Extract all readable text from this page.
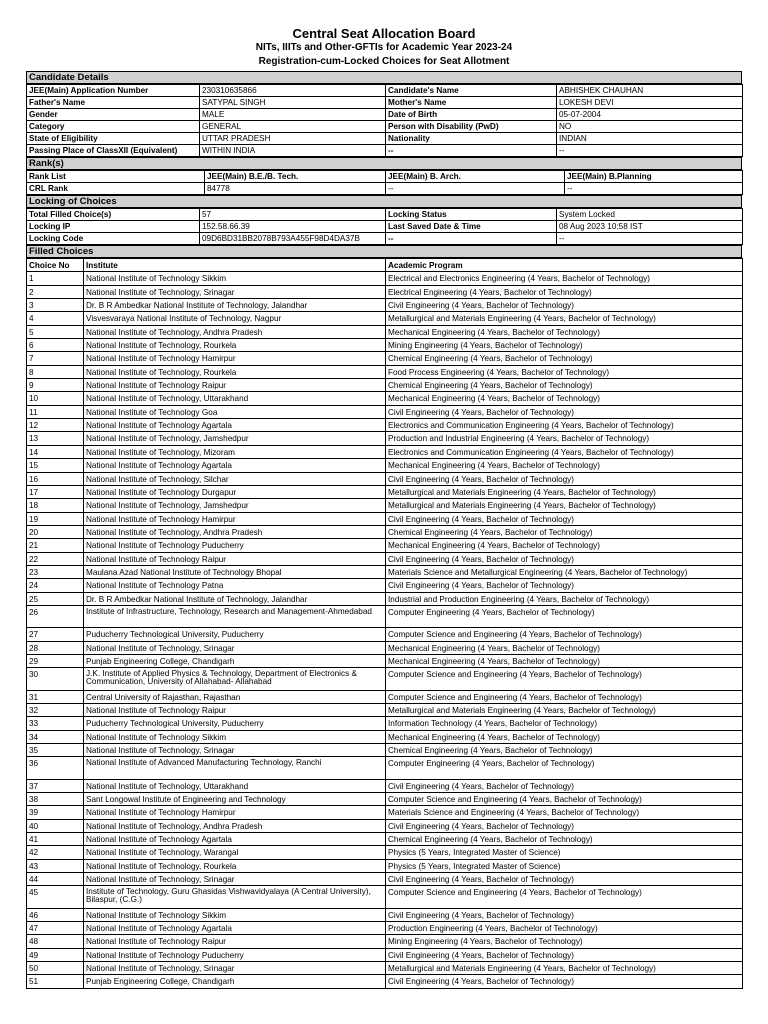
Central Seat Allocation Board
NITs, IIITs and Other-GFTIs for Academic Year 2023-24
Registration-cum-Locked Choices for Seat Allotment
Candidate Details
JEE(Main) Application Number	230310635866	Candidate's Name	ABHISHEK CHAUHAN
Father's Name	SATYPAL SINGH	Mother's Name	LOKESH DEVI
Gender	MALE	Date of Birth	05-07-2004
Category	GENERAL	Person with Disability (PwD)	NO
State of Eligibility	UTTAR PRADESH	Nationality	INDIAN
Passing Place of ClassXII (Equivalent)	WITHIN INDIA	--	--
Rank(s)
Rank List	JEE(Main) B.E./B. Tech.	JEE(Main) B. Arch.	JEE(Main) B.Planning
CRL Rank	84778	--	--
Locking of Choices
Total Filled Choice(s)	57	Locking Status	System Locked
Locking IP	152.58.66.39	Last Saved Date & Time	08 Aug 2023 10:58 IST
Locking Code	09D6BD31BB2078B793A455F98D4DA37B	--	--
Filled Choices
Choice No	Institute	Academic Program
1	National Institute of Technology Sikkim	Electrical and Electronics Engineering (4 Years, Bachelor of Technology)
2	National Institute of Technology, Srinagar	Electrical Engineering (4 Years, Bachelor of Technology)
3	Dr. B R Ambedkar National Institute of Technology, Jalandhar	Civil Engineering (4 Years, Bachelor of Technology)
4	Visvesvaraya National Institute of Technology, Nagpur	Metallurgical and Materials Engineering (4 Years, Bachelor of Technology)
5	National Institute of Technology, Andhra Pradesh	Mechanical Engineering (4 Years, Bachelor of Technology)
6	National Institute of Technology, Rourkela	Mining Engineering (4 Years, Bachelor of Technology)
7	National Institute of Technology Hamirpur	Chemical Engineering (4 Years, Bachelor of Technology)
8	National Institute of Technology, Rourkela	Food Process Engineering (4 Years, Bachelor of Technology)
9	National Institute of Technology Raipur	Chemical Engineering (4 Years, Bachelor of Technology)
10	National Institute of Technology, Uttarakhand	Mechanical Engineering (4 Years, Bachelor of Technology)
11	National Institute of Technology Goa	Civil Engineering (4 Years, Bachelor of Technology)
12	National Institute of Technology Agartala	Electronics and Communication Engineering (4 Years, Bachelor of Technology)
13	National Institute of Technology, Jamshedpur	Production and Industrial Engineering (4 Years, Bachelor of Technology)
14	National Institute of Technology, Mizoram	Electronics and Communication Engineering (4 Years, Bachelor of Technology)
15	National Institute of Technology Agartala	Mechanical Engineering (4 Years, Bachelor of Technology)
16	National Institute of Technology, Silchar	Civil Engineering (4 Years, Bachelor of Technology)
17	National Institute of Technology Durgapur	Metallurgical and Materials Engineering (4 Years, Bachelor of Technology)
18	National Institute of Technology, Jamshedpur	Metallurgical and Materials Engineering (4 Years, Bachelor of Technology)
19	National Institute of Technology Hamirpur	Civil Engineering (4 Years, Bachelor of Technology)
20	National Institute of Technology, Andhra Pradesh	Chemical Engineering (4 Years, Bachelor of Technology)
21	National Institute of Technology Puducherry	Mechanical Engineering (4 Years, Bachelor of Technology)
22	National Institute of Technology Raipur	Civil Engineering (4 Years, Bachelor of Technology)
23	Maulana Azad National Institute of Technology Bhopal	Materials Science and Metallurgical Engineering (4 Years, Bachelor of Technology)
24	National Institute of Technology Patna	Civil Engineering (4 Years, Bachelor of Technology)
25	Dr. B R Ambedkar National Institute of Technology, Jalandhar	Industrial and Production Engineering (4 Years, Bachelor of Technology)
26	Institute of Infrastructure, Technology, Research and Management-Ahmedabad	Computer Engineering (4 Years, Bachelor of Technology)
27	Puducherry Technological University, Puducherry	Computer Science and Engineering (4 Years, Bachelor of Technology)
28	National Institute of Technology, Srinagar	Mechanical Engineering (4 Years, Bachelor of Technology)
29	Punjab Engineering College, Chandigarh	Mechanical Engineering (4 Years, Bachelor of Technology)
30	J.K. Institute of Applied Physics & Technology, Department of Electronics & Communication, University of Allahabad- Allahabad	Computer Science and Engineering (4 Years, Bachelor of Technology)
31	Central University of Rajasthan, Rajasthan	Computer Science and Engineering (4 Years, Bachelor of Technology)
32	National Institute of Technology Raipur	Metallurgical and Materials Engineering (4 Years, Bachelor of Technology)
33	Puducherry Technological University, Puducherry	Information Technology (4 Years, Bachelor of Technology)
34	National Institute of Technology Sikkim	Mechanical Engineering (4 Years, Bachelor of Technology)
35	National Institute of Technology, Srinagar	Chemical Engineering (4 Years, Bachelor of Technology)
36	National Institute of Advanced Manufacturing Technology, Ranchi	Computer Engineering (4 Years, Bachelor of Technology)
37	National Institute of Technology, Uttarakhand	Civil Engineering (4 Years, Bachelor of Technology)
38	Sant Longowal Institute of Engineering and Technology	Computer Science and Engineering (4 Years, Bachelor of Technology)
39	National Institute of Technology Hamirpur	Materials Science and Engineering (4 Years, Bachelor of Technology)
40	National Institute of Technology, Andhra Pradesh	Civil Engineering (4 Years, Bachelor of Technology)
41	National Institute of Technology Agartala	Chemical Engineering (4 Years, Bachelor of Technology)
42	National Institute of Technology, Warangal	Physics (5 Years, Integrated Master of Science)
43	National Institute of Technology, Rourkela	Physics (5 Years, Integrated Master of Science)
44	National Institute of Technology, Srinagar	Civil Engineering (4 Years, Bachelor of Technology)
45	Institute of Technology, Guru Ghasidas Vishwavidyalaya (A Central University), Bilaspur, (C.G.)	Computer Science and Engineering (4 Years, Bachelor of Technology)
46	National Institute of Technology Sikkim	Civil Engineering (4 Years, Bachelor of Technology)
47	National Institute of Technology Agartala	Production Engineering (4 Years, Bachelor of Technology)
48	National Institute of Technology Raipur	Mining Engineering (4 Years, Bachelor of Technology)
49	National Institute of Technology Puducherry	Civil Engineering (4 Years, Bachelor of Technology)
50	National Institute of Technology, Srinagar	Metallurgical and Materials Engineering (4 Years, Bachelor of Technology)
51	Punjab Engineering College, Chandigarh	Civil Engineering (4 Years, Bachelor of Technology)
